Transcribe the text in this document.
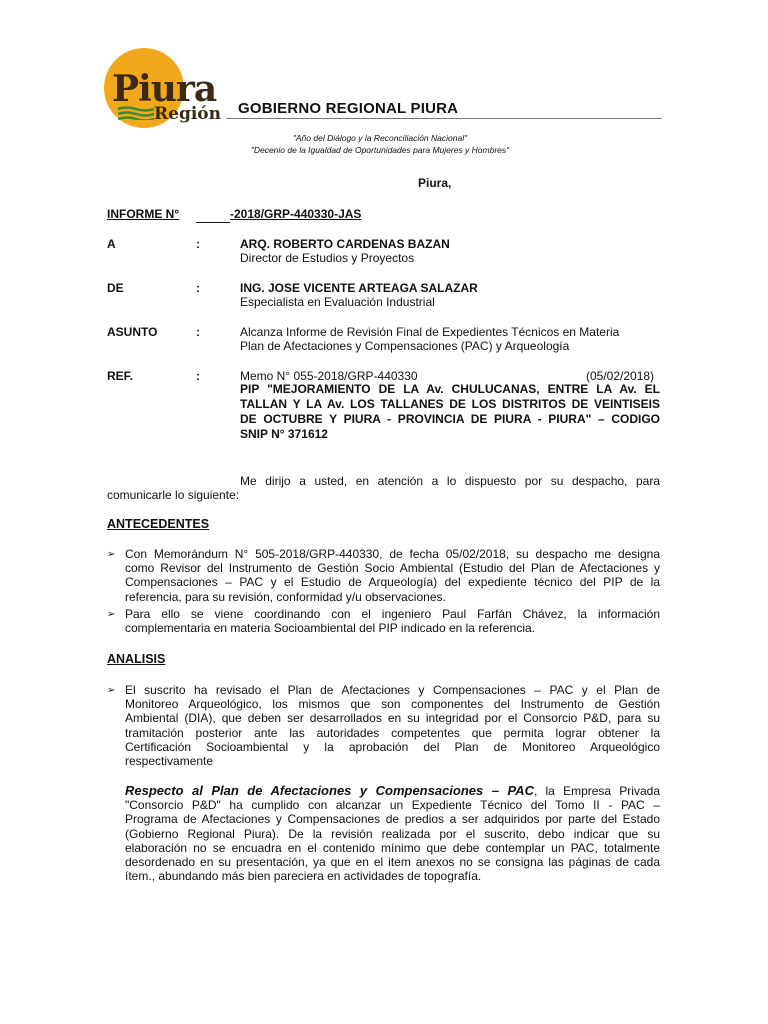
Piura
Región GOBIERNO REGIONAL PIURA
"Año del Diálogo y la Reconciliación Nacional"
"Decenio de la Igualdad de Oportunidades para Mujeres y Hombres"
Piura,
INFORME N°	-2018/GRP-440330-JAS
A	:	ARQ. ROBERTO CARDENAS BAZAN
Director de Estudios y Proyectos
DE	:	ING. JOSE VICENTE ARTEAGA SALAZAR
Especialista en Evaluación Industrial
ASUNTO	:	Alcanza Informe de Revisión Final de Expedientes Técnicos en Materia
Plan de Afectaciones y Compensaciones (PAC) y Arqueología
REF.	:	Memo N° 055-2018/GRP-440330	(05/02/2018)
PIP "MEJORAMIENTO DE LA Av. CHULUCANAS, ENTRE LA Av. EL
TALLAN Y LA Av. LOS TALLANES DE LOS DISTRITOS DE VEINTISEIS
DE OCTUBRE Y PIURA - PROVINCIA DE PIURA - PIURA" – CODIGO
SNIP N° 371612
Me dirijo a usted, en atención a lo dispuesto por su despacho, para
comunicarle lo siguiente:
ANTECEDENTES
➢ Con Memorándum N° 505-2018/GRP-440330, de fecha 05/02/2018, su despacho me designa
como Revisor del Instrumento de Gestión Socio Ambiental (Estudio del Plan de Afectaciones y
Compensaciones – PAC y el Estudio de Arqueología) del expediente técnico del PIP de la
referencia, para su revisión, conformidad y/u observaciones.
➢ Para ello se viene coordinando con el ingeniero Paul Farfán Chávez, la información
complementaria en materia Socioambiental del PIP indicado en la referencia.
ANALISIS
➢ El suscrito ha revisado el Plan de Afectaciones y Compensaciones – PAC y el Plan de
Monitoreo Arqueológico, los mismos que son componentes del Instrumento de Gestión
Ambiental (DIA), que deben ser desarrollados en su integridad por el Consorcio P&D, para su
tramitación posterior ante las autoridades competentes que permita lograr obtener la
Certificación Socioambiental y la aprobación del Plan de Monitoreo Arqueológico
respectivamente
Respecto al Plan de Afectaciones y Compensaciones – PAC, la Empresa Privada
"Consorcio P&D" ha cumplido con alcanzar un Expediente Técnico del Tomo II - PAC –
Programa de Afectaciones y Compensaciones de predios a ser adquiridos por parte del Estado
(Gobierno Regional Piura). De la revisión realizada por el suscrito, debo indicar que su
elaboración no se encuadra en el contenido mínimo que debe contemplar un PAC, totalmente
desordenado en su presentación, ya que en el item anexos no se consigna las páginas de cada
ítem., abundando más bien pareciera en actividades de topografía.
